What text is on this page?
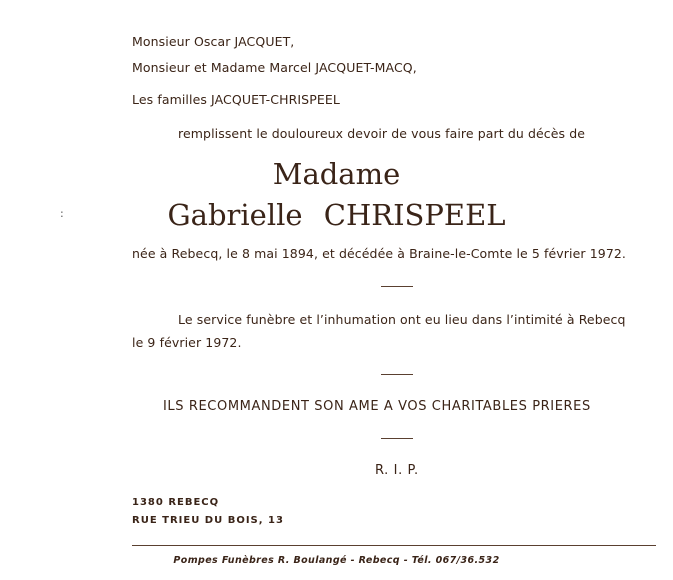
Monsieur Oscar JACQUET,
Monsieur et Madame Marcel JACQUET-MACQ,
Les familles JACQUET-CHRISPEEL
remplissent le douloureux devoir de vous faire part du décès de
Madame
Gabrielle CHRISPEEL
:
née à Rebecq, le 8 mai 1894, et décédée à Braine-le-Comte le 5 février 1972.
Le service funèbre et l’inhumation ont eu lieu dans l’intimité à Rebecq
le 9 février 1972.
ILS RECOMMANDENT SON AME A VOS CHARITABLES PRIERES
R. I. P.
1380 REBECQ
RUE TRIEU DU BOIS, 13
Pompes Funèbres R. Boulangé - Rebecq - Tél. 067/36.532
